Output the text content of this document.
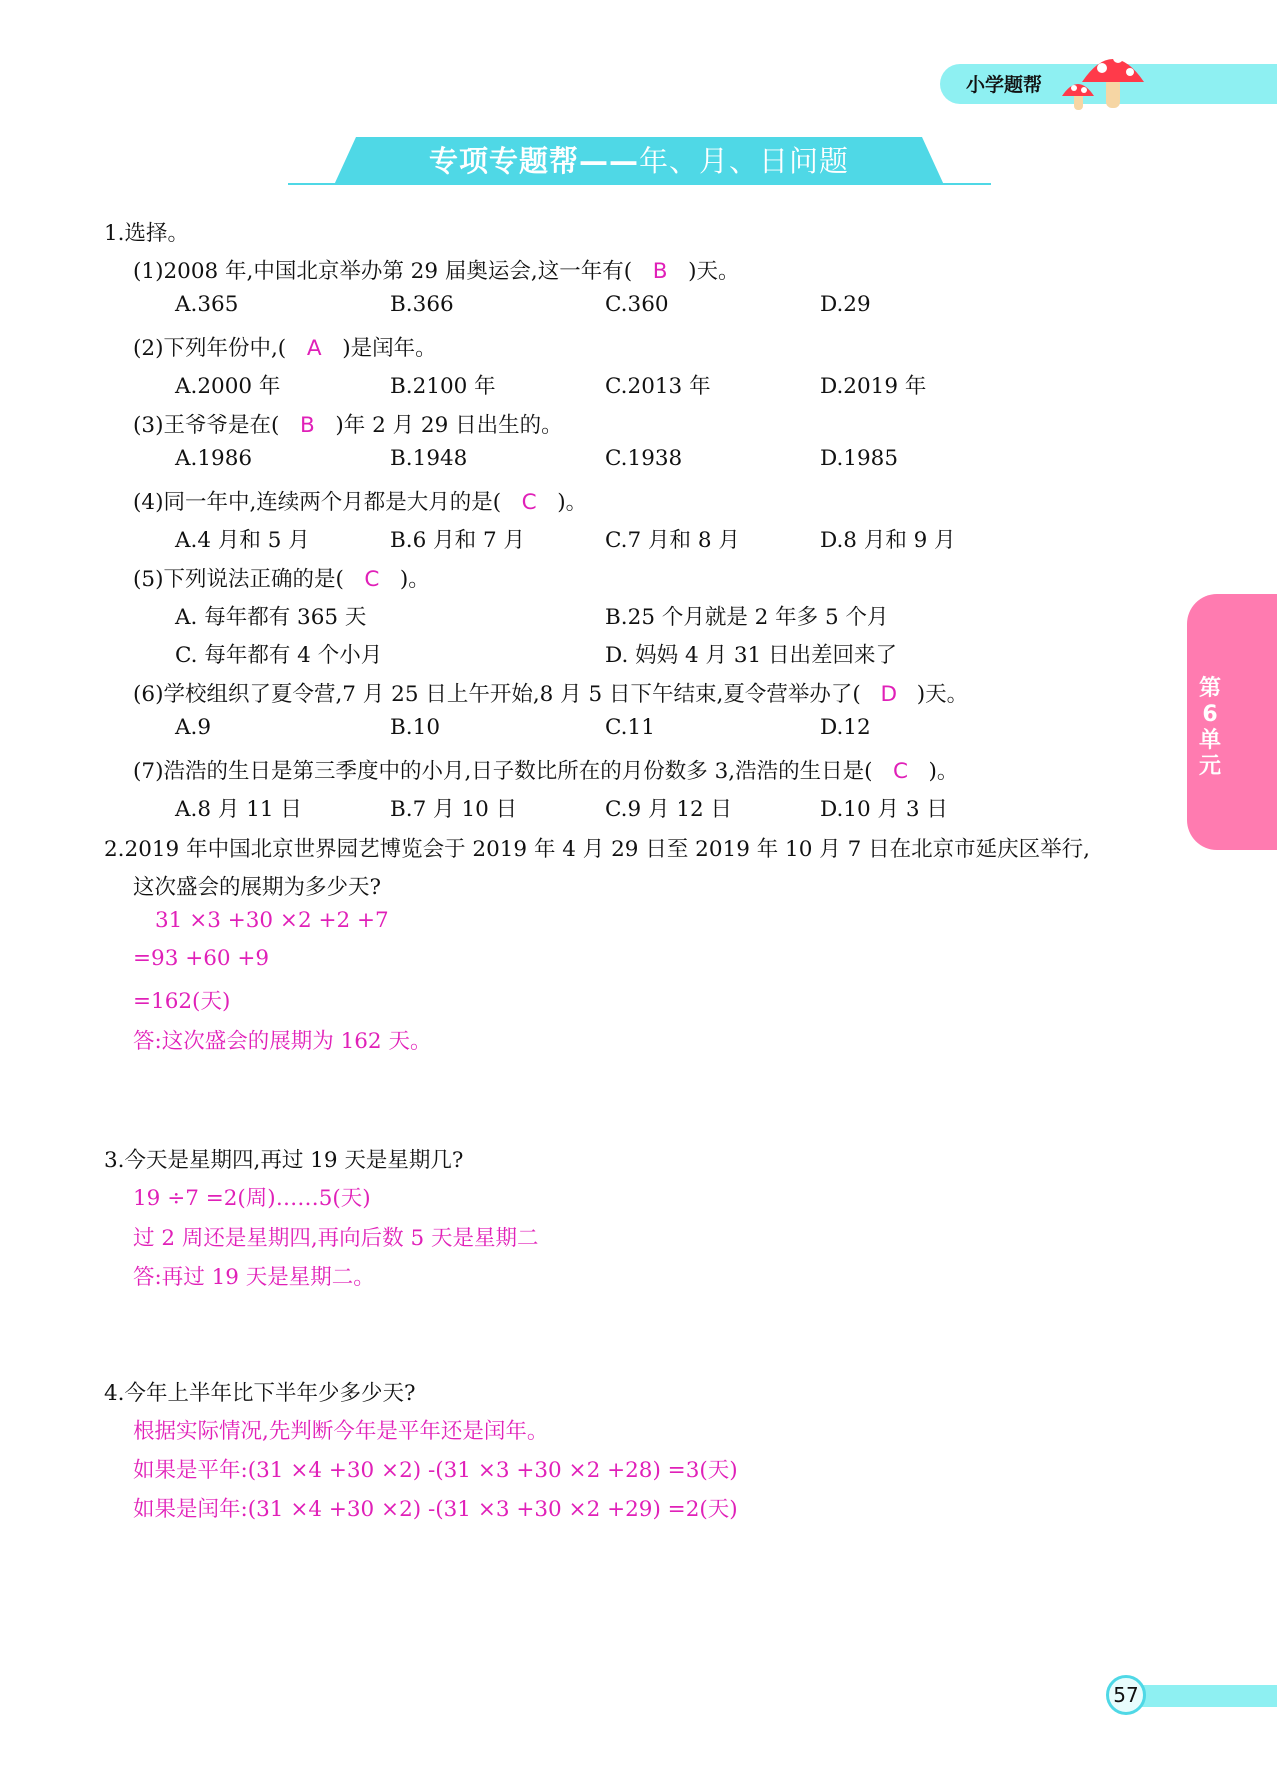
小学题帮
专项专题帮——年、月、日问题
1.选择。
(1)2008 年,中国北京举办第 29 届奥运会,这一年有( B )天。
A.365	B.366	C.360	D.29
(2)下列年份中,( A )是闰年。
A.2000 年	B.2100 年	C.2013 年	D.2019 年
(3)王爷爷是在( B )年 2 月 29 日出生的。
A.1986	B.1948	C.1938	D.1985
(4)同一年中,连续两个月都是大月的是( C )。
A.4 月和 5 月	B.6 月和 7 月	C.7 月和 8 月	D.8 月和 9 月
(5)下列说法正确的是( C )。
A. 每年都有 365 天	B.25 个月就是 2 年多 5 个月
C. 每年都有 4 个小月	D. 妈妈 4 月 31 日出差回来了
(6)学校组织了夏令营,7 月 25 日上午开始,8 月 5 日下午结束,夏令营举办了( D )天。
A.9	B.10	C.11	D.12
(7)浩浩的生日是第三季度中的小月,日子数比所在的月份数多 3,浩浩的生日是( C )。
A.8 月 11 日	B.7 月 10 日	C.9 月 12 日	D.10 月 3 日
2.2019 年中国北京世界园艺博览会于 2019 年 4 月 29 日至 2019 年 10 月 7 日在北京市延庆区举行,
这次盛会的展期为多少天?
31 ×3 +30 ×2 +2 +7
=93 +60 +9
=162(天)
答:这次盛会的展期为 162 天。
3.今天是星期四,再过 19 天是星期几?
19 ÷7 =2(周)……5(天)
过 2 周还是星期四,再向后数 5 天是星期二
答:再过 19 天是星期二。
4.今年上半年比下半年少多少天?
根据实际情况,先判断今年是平年还是闰年。
如果是平年:(31 ×4 +30 ×2) -(31 ×3 +30 ×2 +28) =3(天)
如果是闰年:(31 ×4 +30 ×2) -(31 ×3 +30 ×2 +29) =2(天)
第6单元
57
